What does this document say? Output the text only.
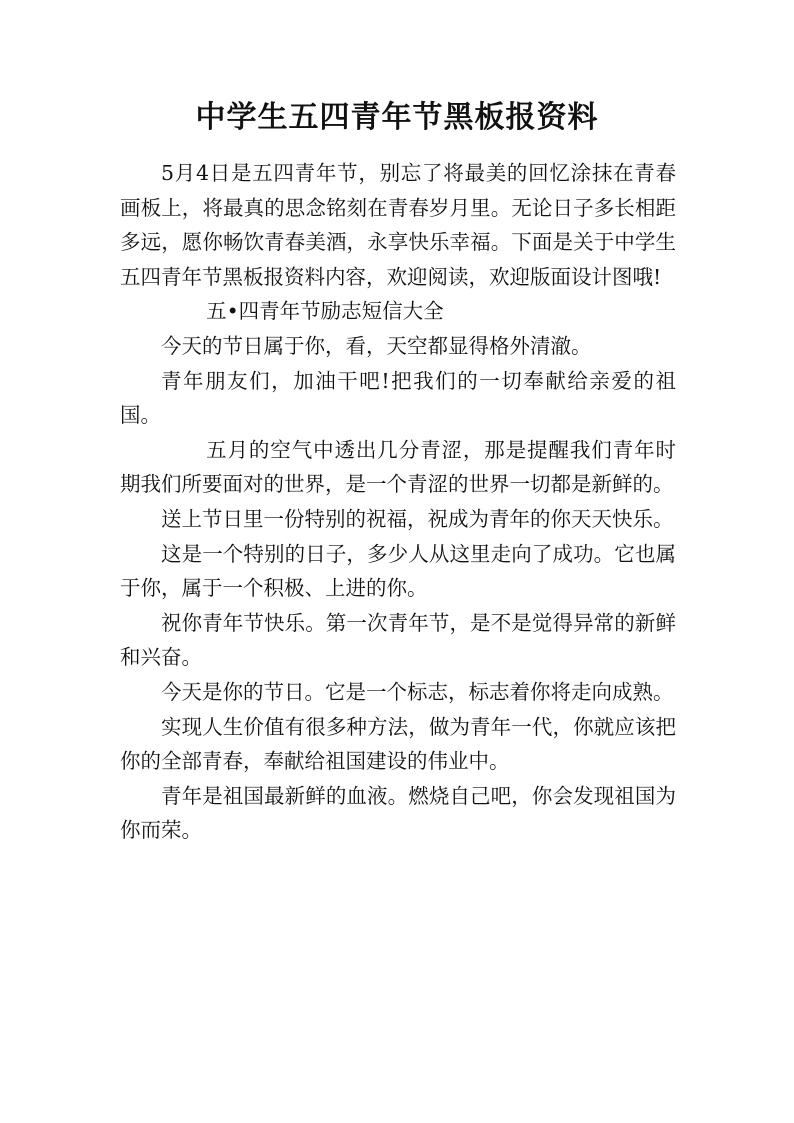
中学生五四青年节黑板报资料

5月4日是五四青年节，别忘了将最美的回忆涂抹在青春画板上，将最真的思念铭刻在青春岁月里。无论日子多长相距多远，愿你畅饮青春美酒，永享快乐幸福。下面是关于中学生五四青年节黑板报资料内容，欢迎阅读，欢迎版面设计图哦!

五•四青年节励志短信大全

今天的节日属于你，看，天空都显得格外清澈。

青年朋友们，加油干吧!把我们的一切奉献给亲爱的祖国。

五月的空气中透出几分青涩，那是提醒我们青年时期我们所要面对的世界，是一个青涩的世界一切都是新鲜的。

送上节日里一份特别的祝福，祝成为青年的你天天快乐。

这是一个特别的日子，多少人从这里走向了成功。它也属于你，属于一个积极、上进的你。

祝你青年节快乐。第一次青年节，是不是觉得异常的新鲜和兴奋。

今天是你的节日。它是一个标志，标志着你将走向成熟。

实现人生价值有很多种方法，做为青年一代，你就应该把你的全部青春，奉献给祖国建设的伟业中。

青年是祖国最新鲜的血液。燃烧自己吧，你会发现祖国为你而荣。
